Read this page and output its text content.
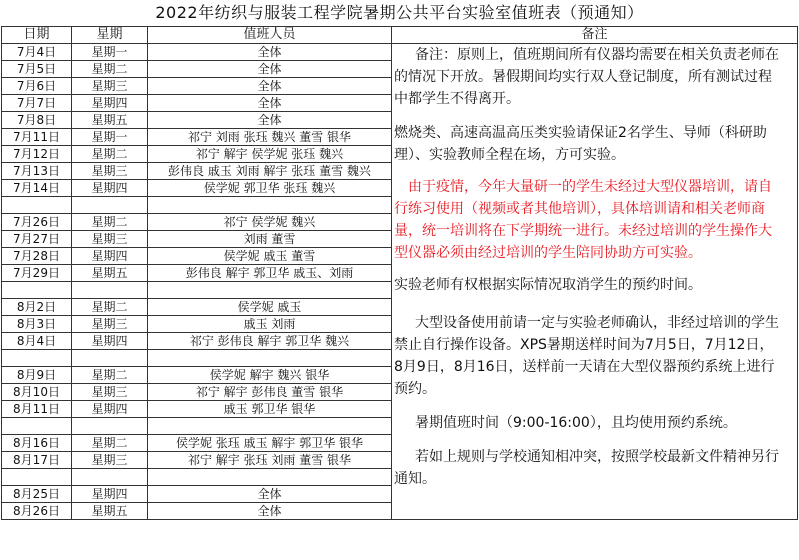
2022年纺织与服装工程学院暑期公共平台实验室值班表（预通知）
日期	星期	值班人员	备注
7月4日	星期一	全体	
7月5日	星期二	全体	
7月6日	星期三	全体	
7月7日	星期四	全体	
7月8日	星期五	全体	
7月11日	星期一	祁宁 刘雨 张珏 魏兴 董雪 银华	
7月12日	星期二	祁宁 解宇 侯学妮 张珏 魏兴	
7月13日	星期三	彭伟良 戚玉 刘雨 解宇 张珏 董雪 魏兴	
7月14日	星期四	侯学妮 郭卫华 张珏 魏兴	

7月26日	星期二	祁宁 侯学妮 魏兴	
7月27日	星期三	刘雨 董雪	
7月28日	星期四	侯学妮 戚玉 董雪	
7月29日	星期五	彭伟良 解宇 郭卫华 戚玉、刘雨	

8月2日	星期二	侯学妮 戚玉	
8月3日	星期三	戚玉 刘雨	
8月4日	星期四	祁宁 彭伟良 解宇 郭卫华 魏兴	

8月9日	星期二	侯学妮 解宇 魏兴 银华	
8月10日	星期三	祁宁 解宇 彭伟良 董雪 银华	
8月11日	星期四	戚玉 郭卫华 银华	

8月16日	星期二	侯学妮 张珏 戚玉 解宇 郭卫华 银华	
8月17日	星期三	祁宁 解宇 张珏 刘雨 董雪 银华	

8月25日	星期四	全体	
8月26日	星期五	全体	

备注：原则上，值班期间所有仪器均需要在相关负责老师在的情况下开放。暑假期间均实行双人登记制度，所有测试过程中都学生不得离开。

燃烧类、高速高温高压类实验请保证2名学生、导师（科研助理）、实验教师全程在场，方可实验。

由于疫情，今年大量研一的学生未经过大型仪器培训，请自行练习使用（视频或者其他培训），具体培训请和相关老师商量，统一培训将在下学期统一进行。未经过培训的学生操作大型仪器必须由经过培训的学生陪同协助方可实验。

实验老师有权根据实际情况取消学生的预约时间。

大型设备使用前请一定与实验老师确认，非经过培训的学生禁止自行操作设备。XPS暑期送样时间为7月5日，7月12日，8月9日，8月16日，送样前一天请在大型仪器预约系统上进行预约。

暑期值班时间（9:00-16:00），且均使用预约系统。

若如上规则与学校通知相冲突，按照学校最新文件精神另行通知。
